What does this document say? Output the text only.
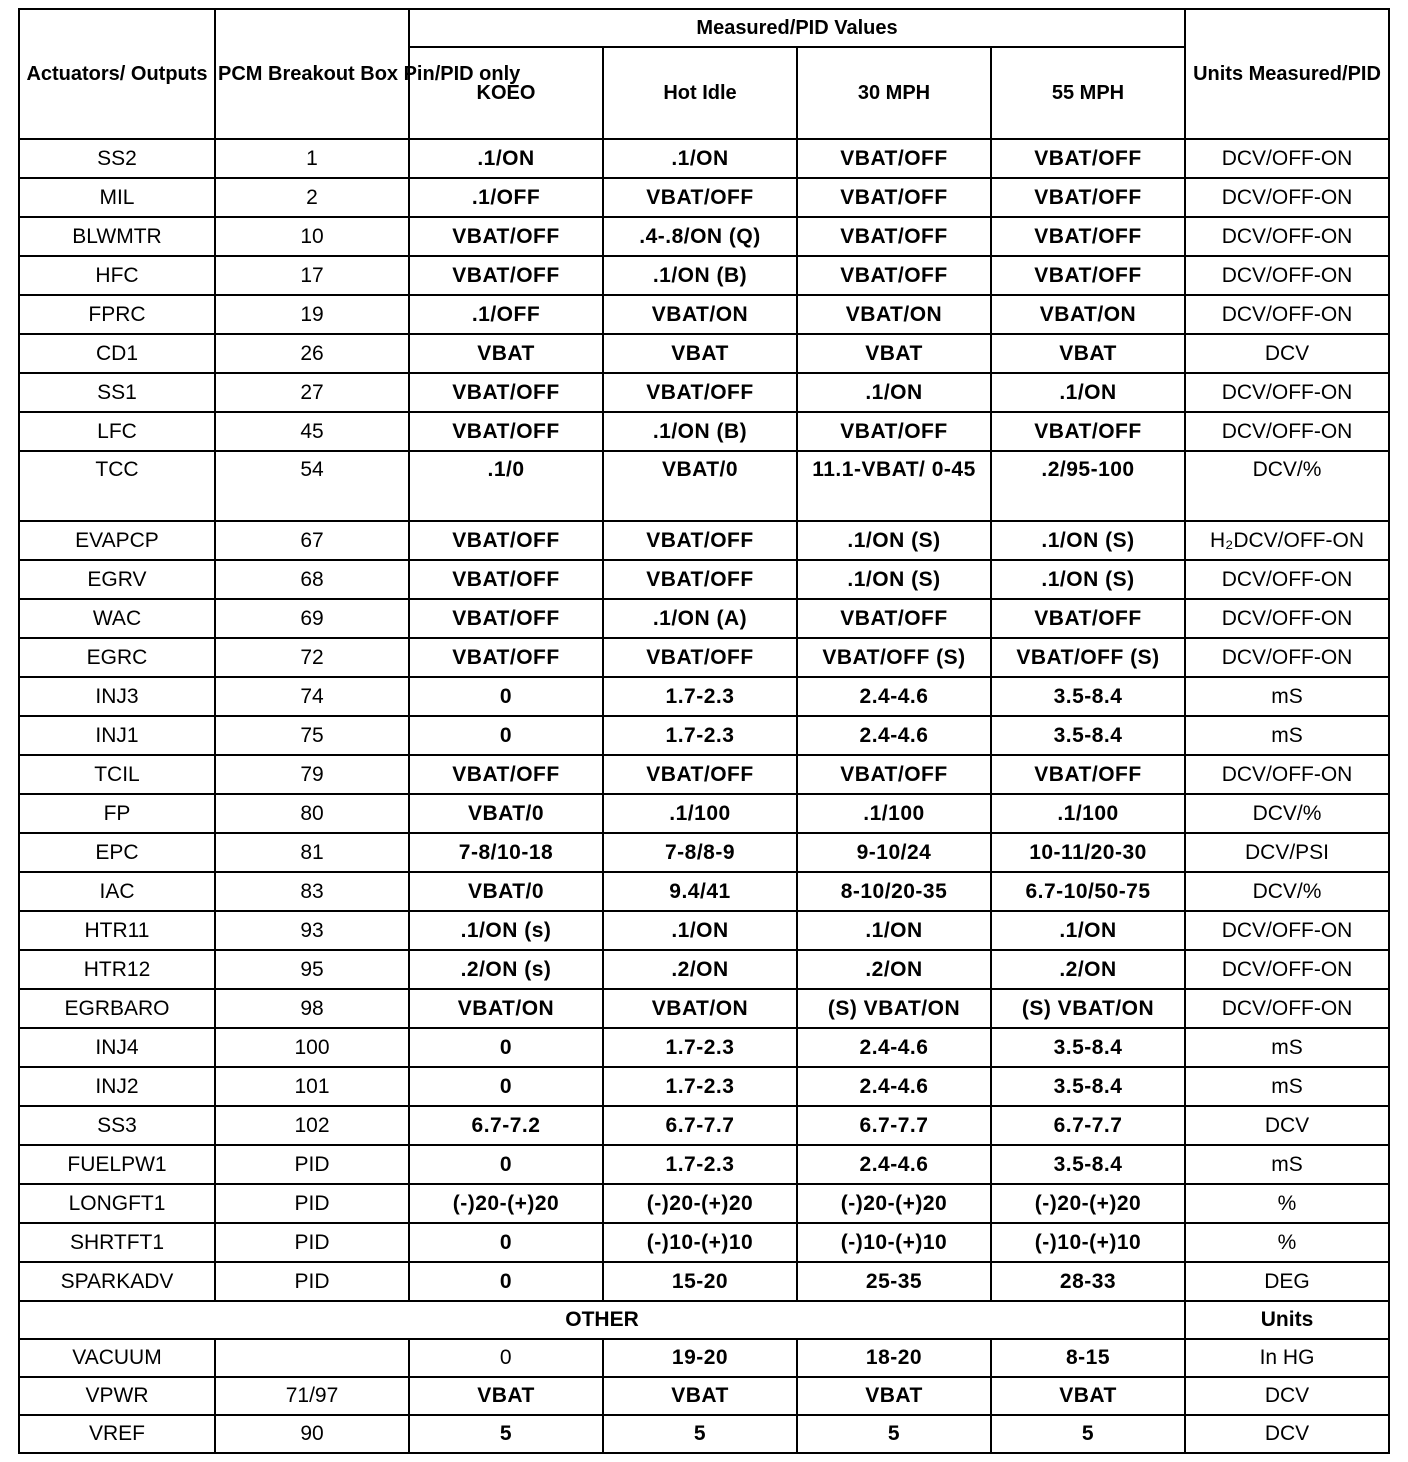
Actuators/ Outputs	PCM Breakout Box Pin/PID only	Measured/PID Values				Units Measured/PID
		KOEO	Hot Idle	30 MPH	55 MPH	
SS2	1	.1/ON	.1/ON	VBAT/OFF	VBAT/OFF	DCV/OFF-ON
MIL	2	.1/OFF	VBAT/OFF	VBAT/OFF	VBAT/OFF	DCV/OFF-ON
BLWMTR	10	VBAT/OFF	.4-.8/ON (Q)	VBAT/OFF	VBAT/OFF	DCV/OFF-ON
HFC	17	VBAT/OFF	.1/ON (B)	VBAT/OFF	VBAT/OFF	DCV/OFF-ON
FPRC	19	.1/OFF	VBAT/ON	VBAT/ON	VBAT/ON	DCV/OFF-ON
CD1	26	VBAT	VBAT	VBAT	VBAT	DCV
SS1	27	VBAT/OFF	VBAT/OFF	.1/ON	.1/ON	DCV/OFF-ON
LFC	45	VBAT/OFF	.1/ON (B)	VBAT/OFF	VBAT/OFF	DCV/OFF-ON
TCC	54	.1/0	VBAT/0	11.1-VBAT/ 0-45	.2/95-100	DCV/%
EVAPCP	67	VBAT/OFF	VBAT/OFF	.1/ON (S)	.1/ON (S)	H₂DCV/OFF-ON
EGRV	68	VBAT/OFF	VBAT/OFF	.1/ON (S)	.1/ON (S)	DCV/OFF-ON
WAC	69	VBAT/OFF	.1/ON (A)	VBAT/OFF	VBAT/OFF	DCV/OFF-ON
EGRC	72	VBAT/OFF	VBAT/OFF	VBAT/OFF (S)	VBAT/OFF (S)	DCV/OFF-ON
INJ3	74	0	1.7-2.3	2.4-4.6	3.5-8.4	mS
INJ1	75	0	1.7-2.3	2.4-4.6	3.5-8.4	mS
TCIL	79	VBAT/OFF	VBAT/OFF	VBAT/OFF	VBAT/OFF	DCV/OFF-ON
FP	80	VBAT/0	.1/100	.1/100	.1/100	DCV/%
EPC	81	7-8/10-18	7-8/8-9	9-10/24	10-11/20-30	DCV/PSI
IAC	83	VBAT/0	9.4/41	8-10/20-35	6.7-10/50-75	DCV/%
HTR11	93	.1/ON (s)	.1/ON	.1/ON	.1/ON	DCV/OFF-ON
HTR12	95	.2/ON (s)	.2/ON	.2/ON	.2/ON	DCV/OFF-ON
EGRBARO	98	VBAT/ON	VBAT/ON	(S) VBAT/ON	(S) VBAT/ON	DCV/OFF-ON
INJ4	100	0	1.7-2.3	2.4-4.6	3.5-8.4	mS
INJ2	101	0	1.7-2.3	2.4-4.6	3.5-8.4	mS
SS3	102	6.7-7.2	6.7-7.7	6.7-7.7	6.7-7.7	DCV
FUELPW1	PID	0	1.7-2.3	2.4-4.6	3.5-8.4	mS
LONGFT1	PID	(-)20-(+)20	(-)20-(+)20	(-)20-(+)20	(-)20-(+)20	%
SHRTFT1	PID	0	(-)10-(+)10	(-)10-(+)10	(-)10-(+)10	%
SPARKADV	PID	0	15-20	25-35	28-33	DEG
OTHER						Units
VACUUM		0	19-20	18-20	8-15	In HG
VPWR	71/97	VBAT	VBAT	VBAT	VBAT	DCV
VREF	90	5	5	5	5	DCV
